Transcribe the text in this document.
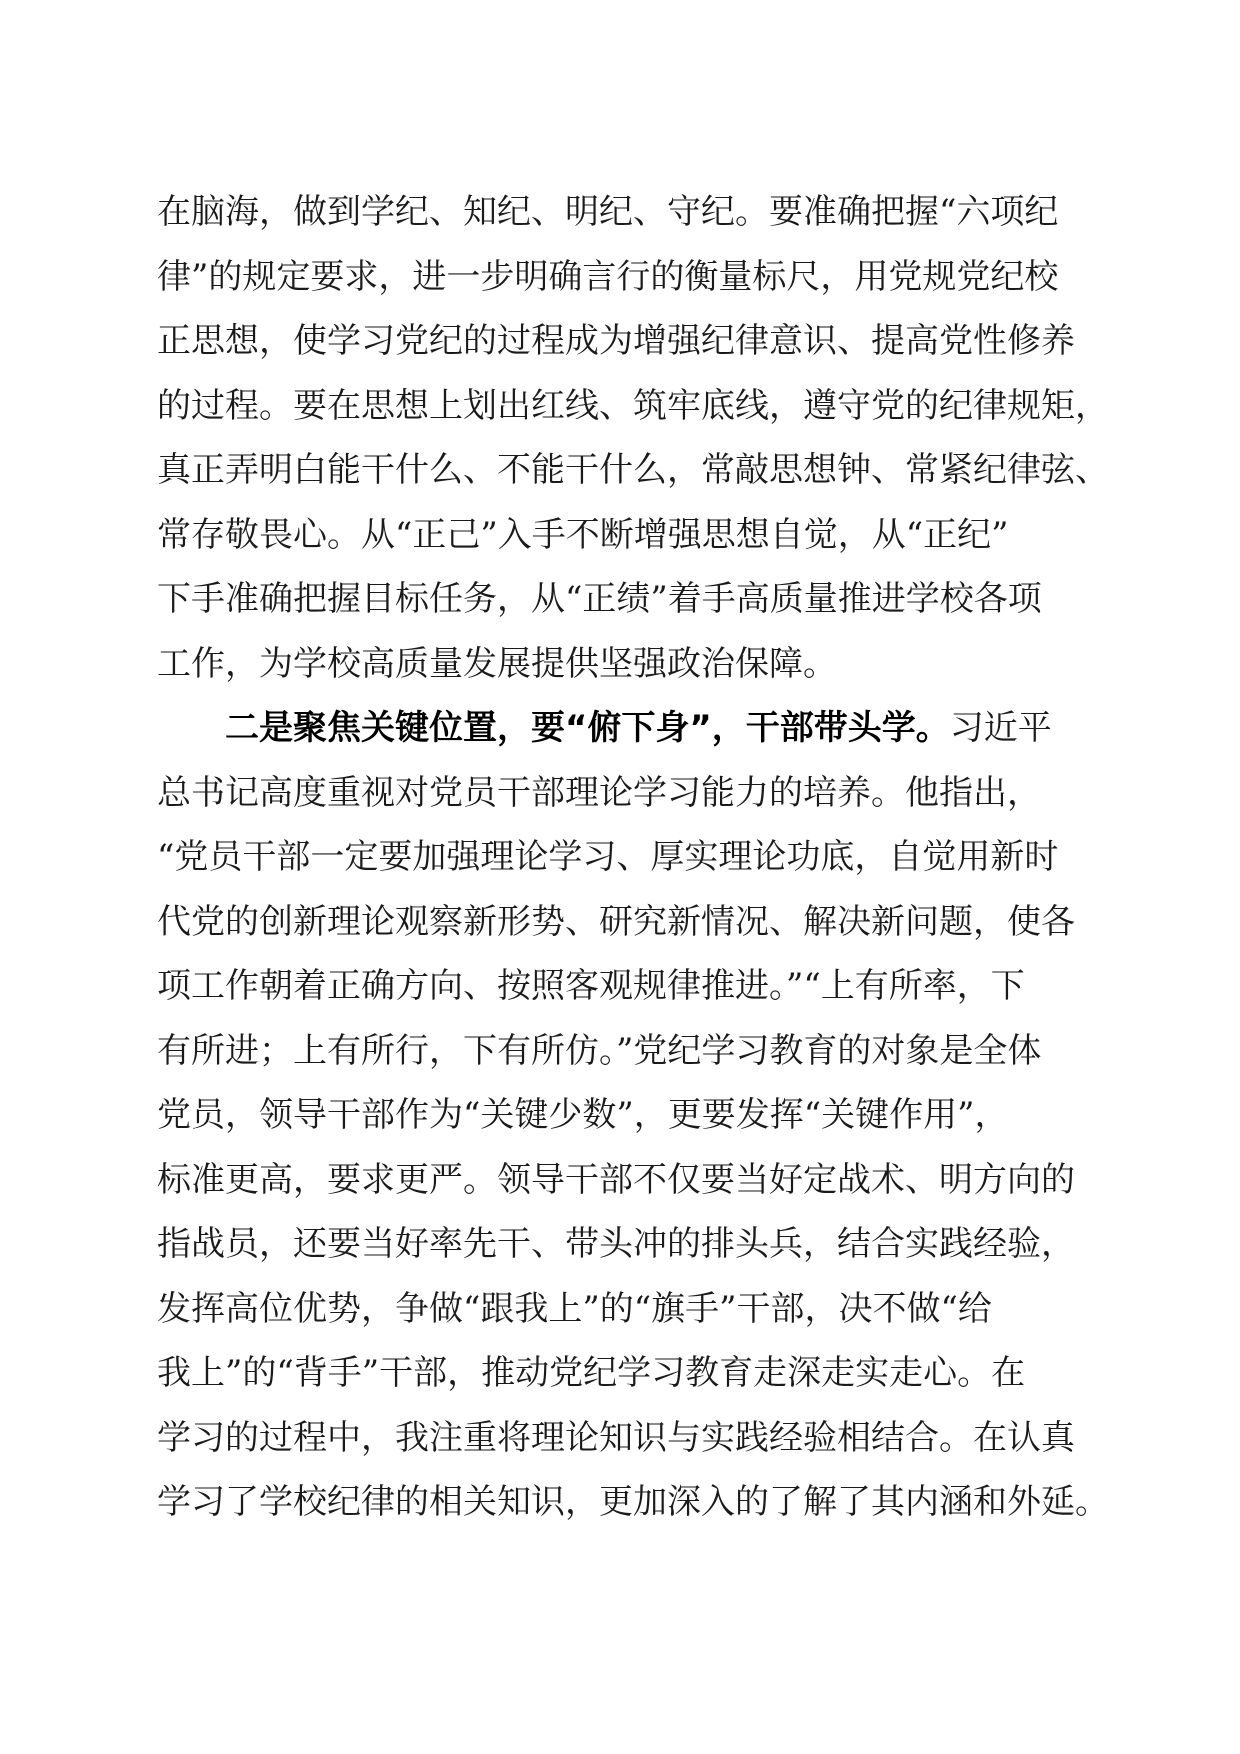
在脑海，做到学纪、知纪、明纪、守纪。要准确把握“六项纪
律”的规定要求，进一步明确言行的衡量标尺，用党规党纪校
正思想，使学习党纪的过程成为增强纪律意识、提高党性修养
的过程。要在思想上划出红线、筑牢底线，遵守党的纪律规矩，
真正弄明白能干什么、不能干什么，常敲思想钟、常紧纪律弦、
常存敬畏心。从“正己”入手不断增强思想自觉，从“正纪”
下手准确把握目标任务，从“正绩”着手高质量推进学校各项
工作，为学校高质量发展提供坚强政治保障。
二是聚焦关键位置，要“俯下身”，干部带头学。习近平
总书记高度重视对党员干部理论学习能力的培养。他指出，
“党员干部一定要加强理论学习、厚实理论功底，自觉用新时
代党的创新理论观察新形势、研究新情况、解决新问题，使各
项工作朝着正确方向、按照客观规律推进。”“上有所率，下
有所进；上有所行，下有所仿。”党纪学习教育的对象是全体
党员，领导干部作为“关键少数”，更要发挥“关键作用”，
标准更高，要求更严。领导干部不仅要当好定战术、明方向的
指战员，还要当好率先干、带头冲的排头兵，结合实践经验，
发挥高位优势，争做“跟我上”的“旗手”干部，决不做“给
我上”的“背手”干部，推动党纪学习教育走深走实走心。在
学习的过程中，我注重将理论知识与实践经验相结合。在认真
学习了学校纪律的相关知识，更加深入的了解了其内涵和外延。
